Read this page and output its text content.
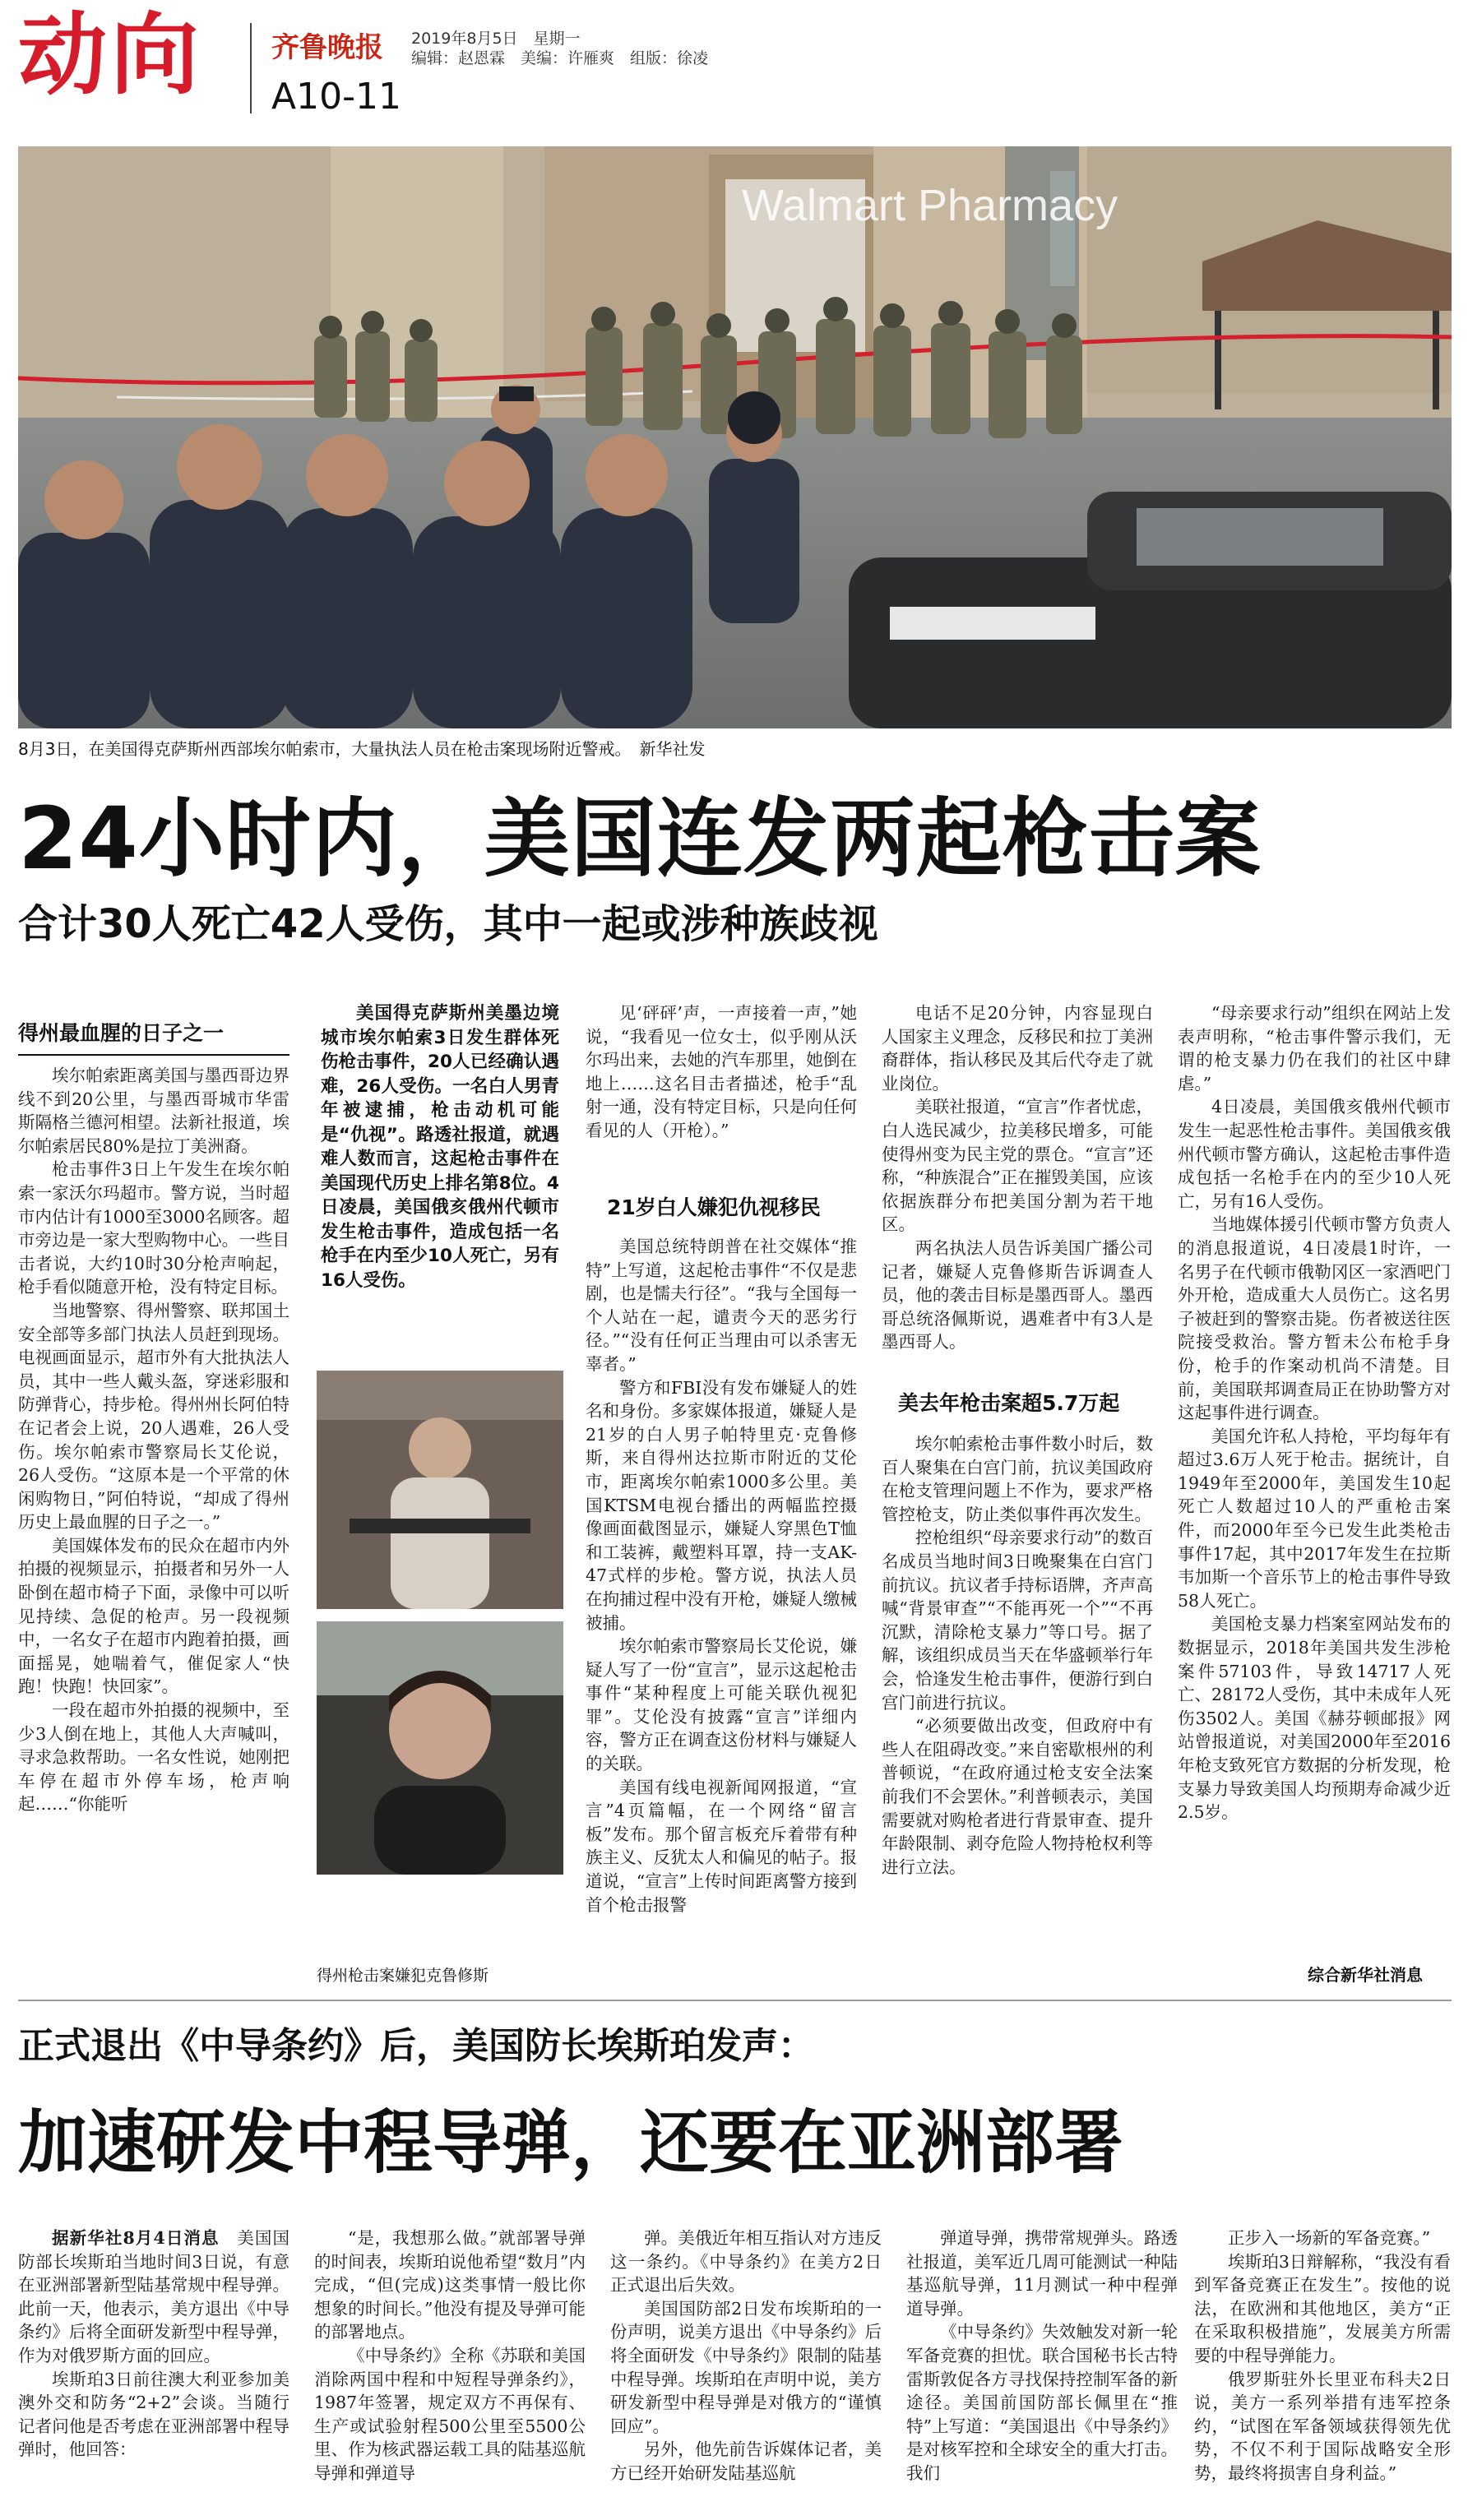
动向 齐鲁晚报 2019年8月5日　星期一
编辑：赵恩霖　美编：许雁爽　组版：徐凌
A10-11
Walmart Pharmacy
8月3日，在美国得克萨斯州西部埃尔帕索市，大量执法人员在枪击案现场附近警戒。　新华社发
24小时内，美国连发两起枪击案
合计30人死亡42人受伤，其中一起或涉种族歧视
得州最血腥的日子之一

埃尔帕索距离美国与墨西哥边界线不到20公里，与墨西哥城市华雷斯隔格兰德河相望。法新社报道，埃尔帕索居民80%是拉丁美洲裔。

枪击事件3日上午发生在埃尔帕索一家沃尔玛超市。警方说，当时超市内估计有1000至3000名顾客。超市旁边是一家大型购物中心。一些目击者说，大约10时30分枪声响起，枪手看似随意开枪，没有特定目标。

当地警察、得州警察、联邦国土安全部等多部门执法人员赶到现场。电视画面显示，超市外有大批执法人员，其中一些人戴头盔，穿迷彩服和防弹背心，持步枪。得州州长阿伯特在记者会上说，20人遇难，26人受伤。埃尔帕索市警察局长艾伦说，26人受伤。“这原本是一个平常的休闲购物日，”阿伯特说，“却成了得州历史上最血腥的日子之一。”

美国媒体发布的民众在超市内外拍摄的视频显示，拍摄者和另外一人卧倒在超市椅子下面，录像中可以听见持续、急促的枪声。另一段视频中，一名女子在超市内跑着拍摄，画面摇晃，她喘着气，催促家人“快跑！快跑！快回家”。

一段在超市外拍摄的视频中，至少3人倒在地上，其他人大声喊叫，寻求急救帮助。一名女性说，她刚把车停在超市外停车场，枪声响起……“你能听

美国得克萨斯州美墨边境城市埃尔帕索3日发生群体死伤枪击事件，20人已经确认遇难，26人受伤。一名白人男青年被逮捕，枪击动机可能是“仇视”。路透社报道，就遇难人数而言，这起枪击事件在美国现代历史上排名第8位。4日凌晨，美国俄亥俄州代顿市发生枪击事件，造成包括一名枪手在内至少10人死亡，另有16人受伤。
得州枪击案嫌犯克鲁修斯

见‘砰砰’声，一声接着一声，”她说，“我看见一位女士，似乎刚从沃尔玛出来，去她的汽车那里，她倒在地上……这名目击者描述，枪手“乱射一通，没有特定目标，只是向任何看见的人（开枪）。”

21岁白人嫌犯仇视移民

美国总统特朗普在社交媒体“推特”上写道，这起枪击事件“不仅是悲剧，也是懦夫行径”。“我与全国每一个人站在一起，谴责今天的恶劣行径。”“没有任何正当理由可以杀害无辜者。”

警方和FBI没有发布嫌疑人的姓名和身份。多家媒体报道，嫌疑人是21岁的白人男子帕特里克·克鲁修斯，来自得州达拉斯市附近的艾伦市，距离埃尔帕索1000多公里。美国KTSM电视台播出的两幅监控摄像画面截图显示，嫌疑人穿黑色T恤和工装裤，戴塑料耳罩，持一支AK-47式样的步枪。警方说，执法人员在拘捕过程中没有开枪，嫌疑人缴械被捕。

埃尔帕索市警察局长艾伦说，嫌疑人写了一份“宣言”，显示这起枪击事件“某种程度上可能关联仇视犯罪”。艾伦没有披露“宣言”详细内容，警方正在调查这份材料与嫌疑人的关联。

美国有线电视新闻网报道，“宣言”4页篇幅，在一个网络“留言板”发布。那个留言板充斥着带有种族主义、反犹太人和偏见的帖子。报道说，“宣言”上传时间距离警方接到首个枪击报警

电话不足20分钟，内容显现白人国家主义理念，反移民和拉丁美洲裔群体，指认移民及其后代夺走了就业岗位。

美联社报道，“宣言”作者忧虑，白人选民减少，拉美移民增多，可能使得州变为民主党的票仓。“宣言”还称，“种族混合”正在摧毁美国，应该依据族群分布把美国分割为若干地区。

两名执法人员告诉美国广播公司记者，嫌疑人克鲁修斯告诉调查人员，他的袭击目标是墨西哥人。墨西哥总统洛佩斯说，遇难者中有3人是墨西哥人。

美去年枪击案超5.7万起

埃尔帕索枪击事件数小时后，数百人聚集在白宫门前，抗议美国政府在枪支管理问题上不作为，要求严格管控枪支，防止类似事件再次发生。

控枪组织“母亲要求行动”的数百名成员当地时间3日晚聚集在白宫门前抗议。抗议者手持标语牌，齐声高喊“背景审查”“不能再死一个”“不再沉默，清除枪支暴力”等口号。据了解，该组织成员当天在华盛顿举行年会，恰逢发生枪击事件，便游行到白宫门前进行抗议。

“必须要做出改变，但政府中有些人在阻碍改变。”来自密歇根州的利普顿说，“在政府通过枪支安全法案前我们不会罢休。”利普顿表示，美国需要就对购枪者进行背景审查、提升年龄限制、剥夺危险人物持枪权利等进行立法。

“母亲要求行动”组织在网站上发表声明称，“枪击事件警示我们，无谓的枪支暴力仍在我们的社区中肆虐。”

4日凌晨，美国俄亥俄州代顿市发生一起恶性枪击事件。美国俄亥俄州代顿市警方确认，这起枪击事件造成包括一名枪手在内的至少10人死亡，另有16人受伤。

当地媒体援引代顿市警方负责人的消息报道说，4日凌晨1时许，一名男子在代顿市俄勒冈区一家酒吧门外开枪，造成重大人员伤亡。这名男子被赶到的警察击毙。伤者被送往医院接受救治。警方暂未公布枪手身份，枪手的作案动机尚不清楚。目前，美国联邦调查局正在协助警方对这起事件进行调查。

美国允许私人持枪，平均每年有超过3.6万人死于枪击。据统计，自1949年至2000年，美国发生10起死亡人数超过10人的严重枪击案件，而2000年至今已发生此类枪击事件17起，其中2017年发生在拉斯韦加斯一个音乐节上的枪击事件导致58人死亡。

美国枪支暴力档案室网站发布的数据显示，2018年美国共发生涉枪案件57103件，导致14717人死亡、28172人受伤，其中未成年人死伤3502人。美国《赫芬顿邮报》网站曾报道说，对美国2000年至2016年枪支致死官方数据的分析发现，枪支暴力导致美国人均预期寿命减少近2.5岁。

综合新华社消息
正式退出《中导条约》后，美国防长埃斯珀发声：
加速研发中程导弹，还要在亚洲部署

据新华社8月4日消息　 美国国防部长埃斯珀当地时间3日说，有意在亚洲部署新型陆基常规中程导弹。此前一天，他表示，美方退出《中导条约》后将全面研发新型中程导弹，作为对俄罗斯方面的回应。

埃斯珀3日前往澳大利亚参加美澳外交和防务“2+2”会谈。当随行记者问他是否考虑在亚洲部署中程导弹时，他回答：

“是，我想那么做。”就部署导弹的时间表，埃斯珀说他希望“数月”内完成，“但(完成)这类事情一般比你想象的时间长。”他没有提及导弹可能的部署地点。

《中导条约》全称《苏联和美国消除两国中程和中短程导弹条约》，1987年签署，规定双方不再保有、生产或试验射程500公里至5500公里、作为核武器运载工具的陆基巡航导弹和弹道导

弹。美俄近年相互指认对方违反这一条约。《中导条约》在美方2日正式退出后失效。

美国国防部2日发布埃斯珀的一份声明，说美方退出《中导条约》后将全面研发《中导条约》限制的陆基中程导弹。埃斯珀在声明中说，美方研发新型中程导弹是对俄方的“谨慎回应”。

另外，他先前告诉媒体记者，美方已经开始研发陆基巡航

弹道导弹，携带常规弹头。路透社报道，美军近几周可能测试一种陆基巡航导弹，11月测试一种中程弹道导弹。

《中导条约》失效触发对新一轮军备竞赛的担忧。联合国秘书长古特雷斯敦促各方寻找保持控制军备的新途径。美国前国防部长佩里在“推特”上写道：“美国退出《中导条约》是对核军控和全球安全的重大打击。我们

正步入一场新的军备竞赛。”

埃斯珀3日辩解称，“我没有看到军备竞赛正在发生”。按他的说法，在欧洲和其他地区，美方“正在采取积极措施”，发展美方所需要的中程导弹能力。

俄罗斯驻外长里亚布科夫2日说，美方一系列举措有违军控条约，“试图在军备领域获得领先优势，不仅不利于国际战略安全形势，最终将损害自身利益。”
